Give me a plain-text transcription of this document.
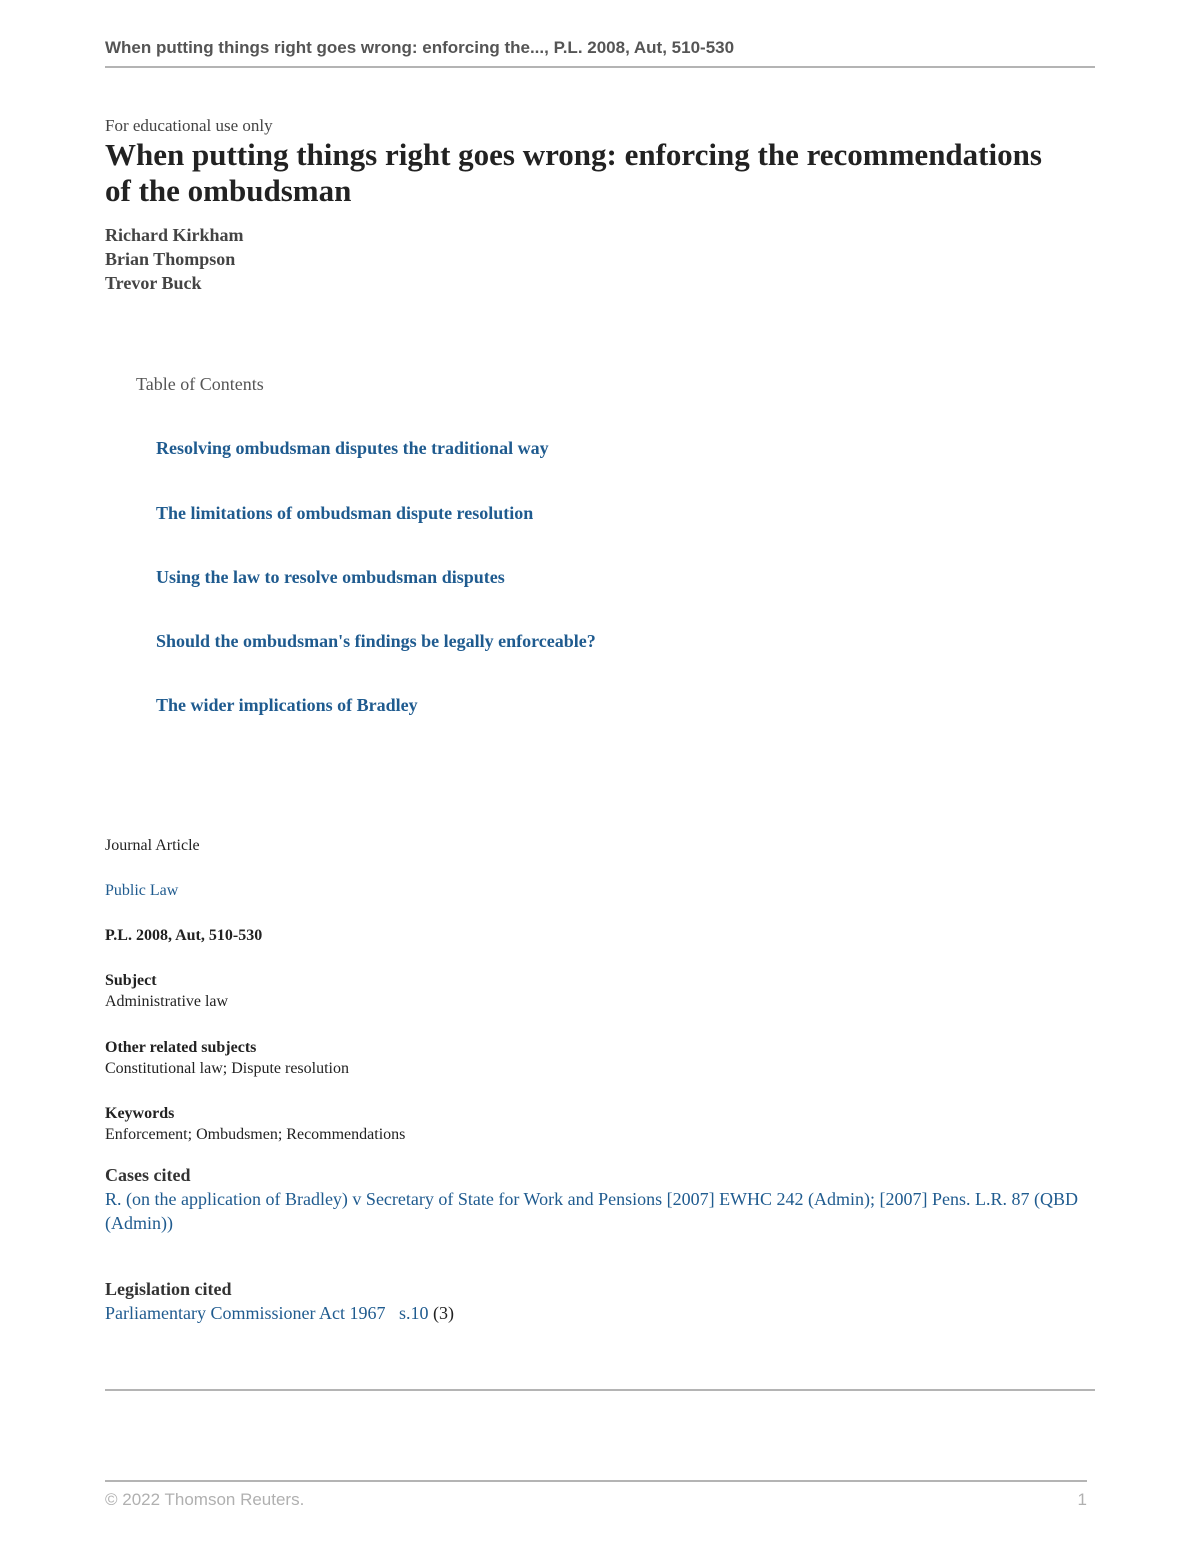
When putting things right goes wrong: enforcing the..., P.L. 2008, Aut, 510-530
For educational use only
When putting things right goes wrong: enforcing the recommendations of the ombudsman
Richard Kirkham
Brian Thompson
Trevor Buck
Table of Contents
Resolving ombudsman disputes the traditional way
The limitations of ombudsman dispute resolution
Using the law to resolve ombudsman disputes
Should the ombudsman's findings be legally enforceable?
The wider implications of Bradley
Journal Article
Public Law
P.L. 2008, Aut, 510-530
Subject
Administrative law
Other related subjects
Constitutional law; Dispute resolution
Keywords
Enforcement; Ombudsmen; Recommendations
Cases cited
R. (on the application of Bradley) v Secretary of State for Work and Pensions [2007] EWHC 242 (Admin); [2007] Pens. L.R. 87 (QBD (Admin))
Legislation cited
Parliamentary Commissioner Act 1967 s.10 (3)
© 2022 Thomson Reuters.	1
